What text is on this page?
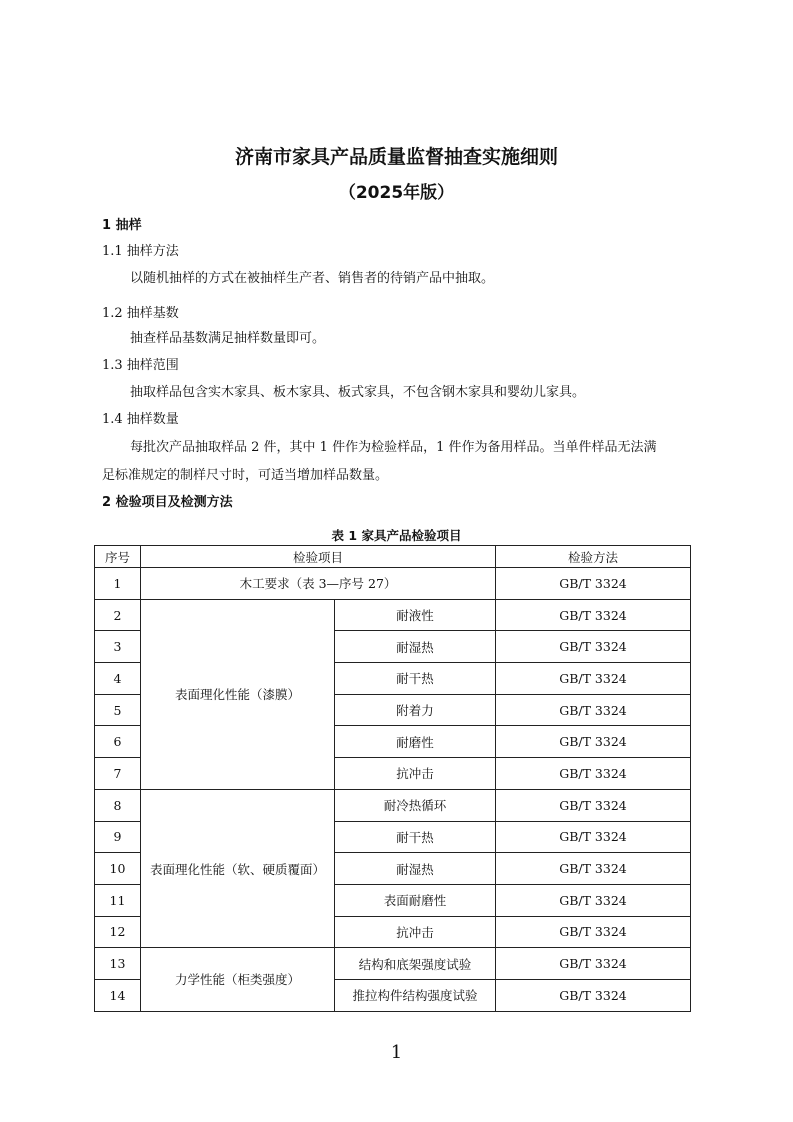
济南市家具产品质量监督抽查实施细则
（2025年版）
1 抽样
1.1 抽样方法
以随机抽样的方式在被抽样生产者、销售者的待销产品中抽取。
1.2 抽样基数
抽查样品基数满足抽样数量即可。
1.3 抽样范围
抽取样品包含实木家具、板木家具、板式家具，不包含钢木家具和婴幼儿家具。
1.4 抽样数量
每批次产品抽取样品 2 件，其中 1 件作为检验样品，1 件作为备用样品。当单件样品无法满
足标准规定的制样尺寸时，可适当增加样品数量。
2 检验项目及检测方法
表 1 家具产品检验项目
序号	检验项目		检验方法
1	木工要求（表 3—序号 27）		GB/T 3324
2	表面理化性能（漆膜）	耐液性	GB/T 3324
3		耐湿热	GB/T 3324
4		耐干热	GB/T 3324
5		附着力	GB/T 3324
6		耐磨性	GB/T 3324
7		抗冲击	GB/T 3324
8	表面理化性能（软、硬质覆面）	耐冷热循环	GB/T 3324
9		耐干热	GB/T 3324
10		耐湿热	GB/T 3324
11		表面耐磨性	GB/T 3324
12		抗冲击	GB/T 3324
13	力学性能（柜类强度）	结构和底架强度试验	GB/T 3324
14		推拉构件结构强度试验	GB/T 3324
1
